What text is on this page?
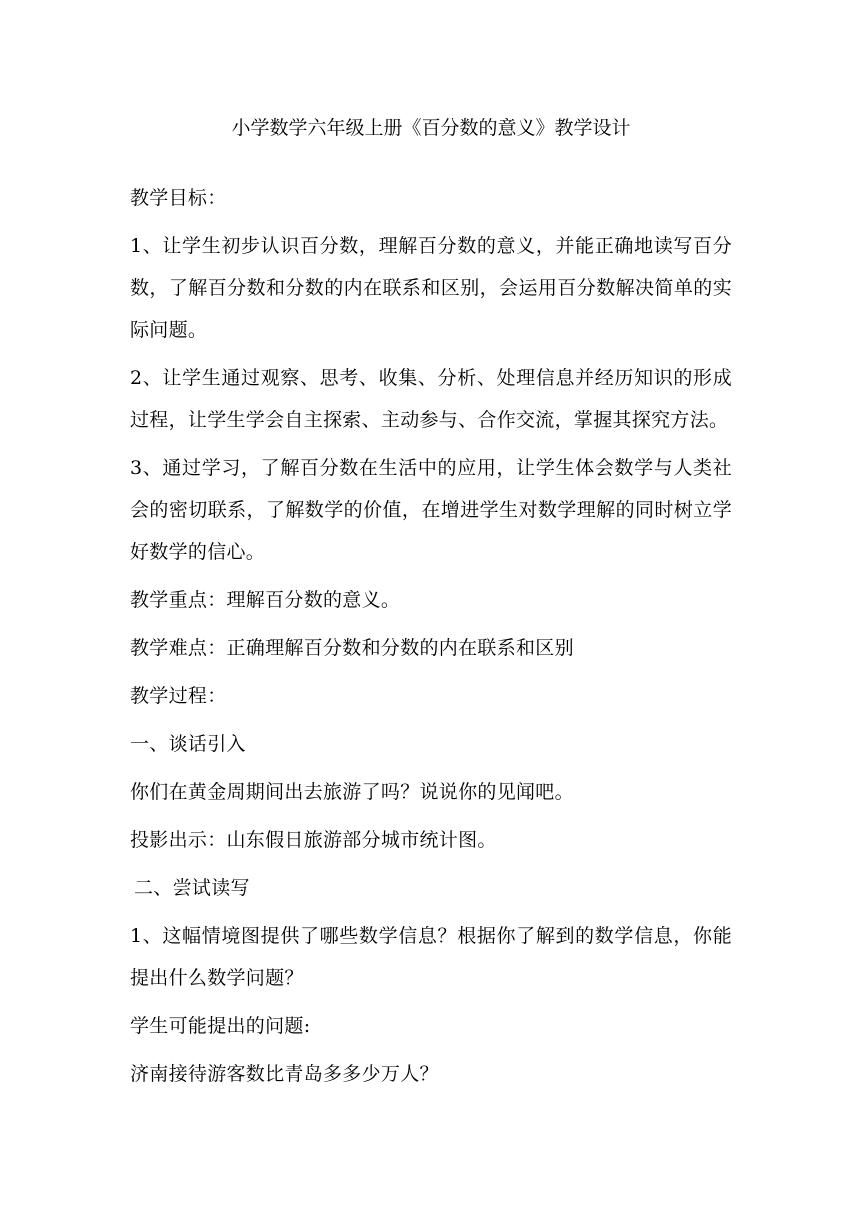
小学数学六年级上册《百分数的意义》教学设计

教学目标：

1、让学生初步认识百分数，理解百分数的意义，并能正确地读写百分数，了解百分数和分数的内在联系和区别，会运用百分数解决简单的实际问题。

2、让学生通过观察、思考、收集、分析、处理信息并经历知识的形成过程，让学生学会自主探索、主动参与、合作交流，掌握其探究方法。

3、通过学习，了解百分数在生活中的应用，让学生体会数学与人类社会的密切联系，了解数学的价值，在增进学生对数学理解的同时树立学好数学的信心。

教学重点：理解百分数的意义。

教学难点：正确理解百分数和分数的内在联系和区别

教学过程：

一、谈话引入

你们在黄金周期间出去旅游了吗？说说你的见闻吧。

投影出示：山东假日旅游部分城市统计图。

二、尝试读写

1、这幅情境图提供了哪些数学信息？根据你了解到的数学信息，你能提出什么数学问题？

学生可能提出的问题:

济南接待游客数比青岛多多少万人？
